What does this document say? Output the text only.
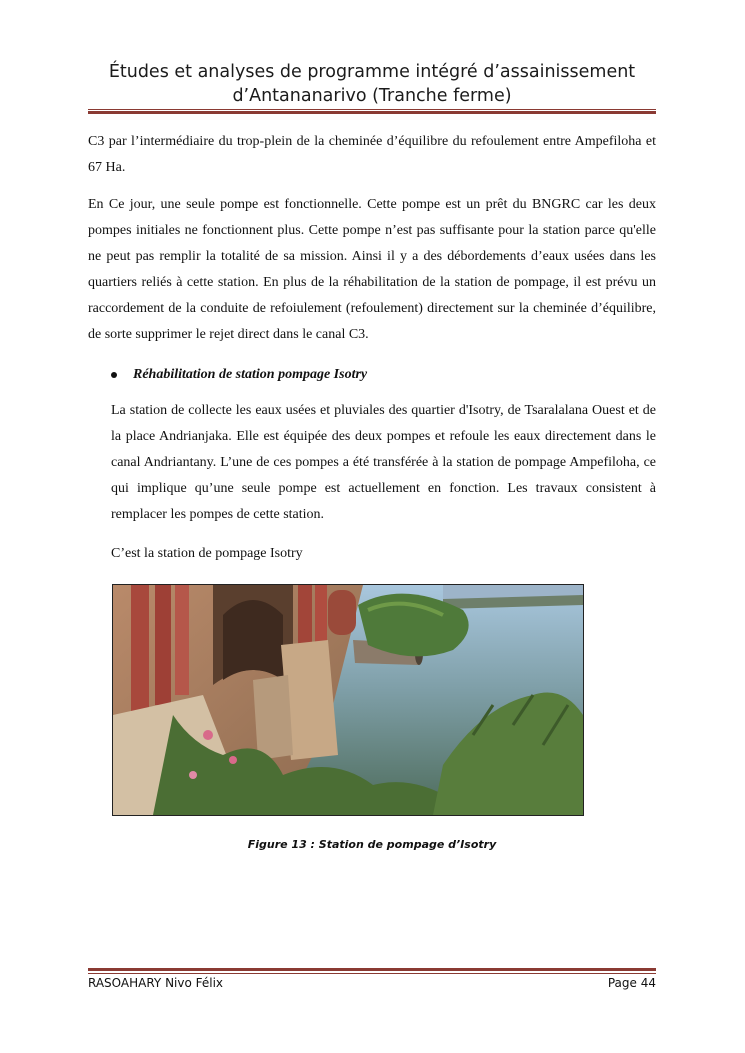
Études et analyses de programme intégré d’assainissement
d’Antananarivo (Tranche ferme)

C3 par l’intermédiaire du trop-plein de la cheminée d’équilibre du refoulement entre Ampefiloha et 67 Ha.

En Ce jour, une seule pompe est fonctionnelle. Cette pompe est un prêt du BNGRC car les deux pompes initiales ne fonctionnent plus. Cette pompe n’est pas suffisante pour la station parce qu'elle ne peut pas remplir la totalité de sa mission. Ainsi il y a des débordements d’eaux usées dans les quartiers reliés à cette station. En plus de la réhabilitation de la station de pompage, il est prévu un raccordement de la conduite de refoiulement (refoulement) directement sur la cheminée d’équilibre, de sorte supprimer le rejet direct dans le canal C3.

Réhabilitation de station pompage Isotry

La station de collecte les eaux usées et pluviales des quartier d'Isotry, de Tsaralalana Ouest et de la place Andrianjaka. Elle est équipée des deux pompes et refoule les eaux directement dans le canal Andriantany. L’une de ces pompes a été transférée à la station de pompage Ampefiloha, ce qui implique qu’une seule pompe est actuellement en fonction. Les travaux consistent à remplacer les pompes de cette station.

C’est la station de pompage Isotry

Figure 13 : Station de pompage d’Isotry
RASOAHARY Nivo Félix	Page 44
